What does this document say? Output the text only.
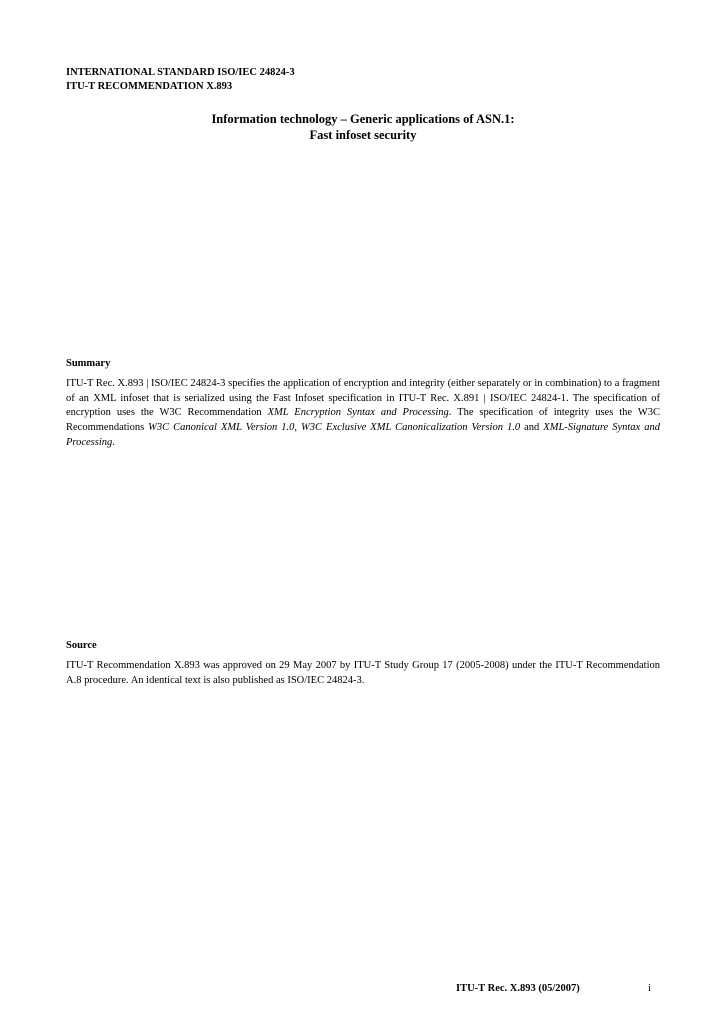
INTERNATIONAL STANDARD ISO/IEC 24824-3
ITU-T RECOMMENDATION X.893
Information technology – Generic applications of ASN.1:
Fast infoset security
Summary
ITU-T Rec. X.893 | ISO/IEC 24824-3 specifies the application of encryption and integrity (either separately or in combination) to a fragment of an XML infoset that is serialized using the Fast Infoset specification in ITU-T Rec. X.891 | ISO/IEC 24824-1. The specification of encryption uses the W3C Recommendation XML Encryption Syntax and Processing. The specification of integrity uses the W3C Recommendations W3C Canonical XML Version 1.0, W3C Exclusive XML Canonicalization Version 1.0 and XML-Signature Syntax and Processing.
Source
ITU-T Recommendation X.893 was approved on 29 May 2007 by ITU-T Study Group 17 (2005-2008) under the ITU-T Recommendation A.8 procedure. An identical text is also published as ISO/IEC 24824-3.
ITU-T Rec. X.893 (05/2007)	i
